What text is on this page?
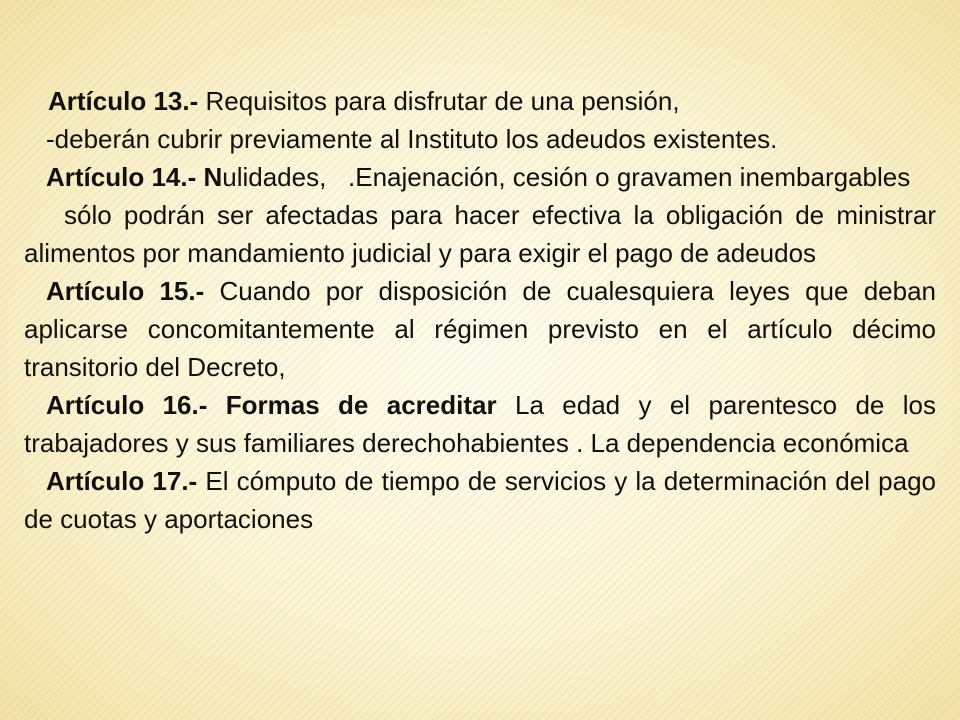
Artículo 13.- Requisitos para disfrutar de una pensión,

-deberán cubrir previamente al Instituto los adeudos existentes.

Artículo 14.- Nulidades,   .Enajenación, cesión o gravamen inembargables

sólo podrán ser afectadas para hacer efectiva la obligación de ministrar alimentos por mandamiento judicial y para exigir el pago de adeudos

Artículo 15.- Cuando por disposición de cualesquiera leyes que deban aplicarse concomitantemente al régimen previsto en el artículo décimo transitorio del Decreto,

Artículo 16.- Formas de acreditar La edad y el parentesco de los trabajadores y sus familiares derechohabientes . La dependencia económica

Artículo 17.- El cómputo de tiempo de servicios y la determinación del pago de cuotas y aportaciones
